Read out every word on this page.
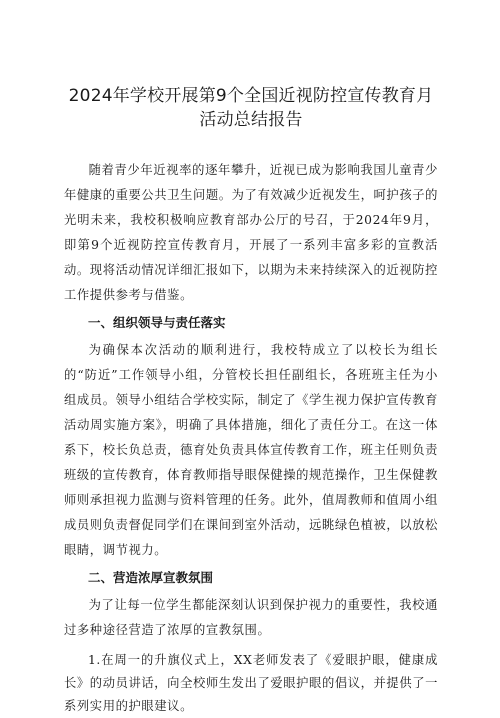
2024年学校开展第9个全国近视防控宣传教育月
活动总结报告

随着青少年近视率的逐年攀升，近视已成为影响我国儿童青少年健康的重要公共卫生问题。为了有效减少近视发生，呵护孩子的光明未来，我校积极响应教育部办公厅的号召，于2024年9月，即第9个近视防控宣传教育月，开展了一系列丰富多彩的宣教活动。现将活动情况详细汇报如下，以期为未来持续深入的近视防控工作提供参考与借鉴。

一、组织领导与责任落实

为确保本次活动的顺利进行，我校特成立了以校长为组长的“防近”工作领导小组，分管校长担任副组长，各班班主任为小组成员。领导小组结合学校实际，制定了《学生视力保护宣传教育活动周实施方案》，明确了具体措施，细化了责任分工。在这一体系下，校长负总责，德育处负责具体宣传教育工作，班主任则负责班级的宣传教育，体育教师指导眼保健操的规范操作，卫生保健教师则承担视力监测与资料管理的任务。此外，值周教师和值周小组成员则负责督促同学们在课间到室外活动，远眺绿色植被，以放松眼睛，调节视力。

二、营造浓厚宣教氛围

为了让每一位学生都能深刻认识到保护视力的重要性，我校通过多种途径营造了浓厚的宣教氛围。

1.在周一的升旗仪式上，XX老师发表了《爱眼护眼，健康成长》的动员讲话，向全校师生发出了爱眼护眼的倡议，并提供了一系列实用的护眼建议。
